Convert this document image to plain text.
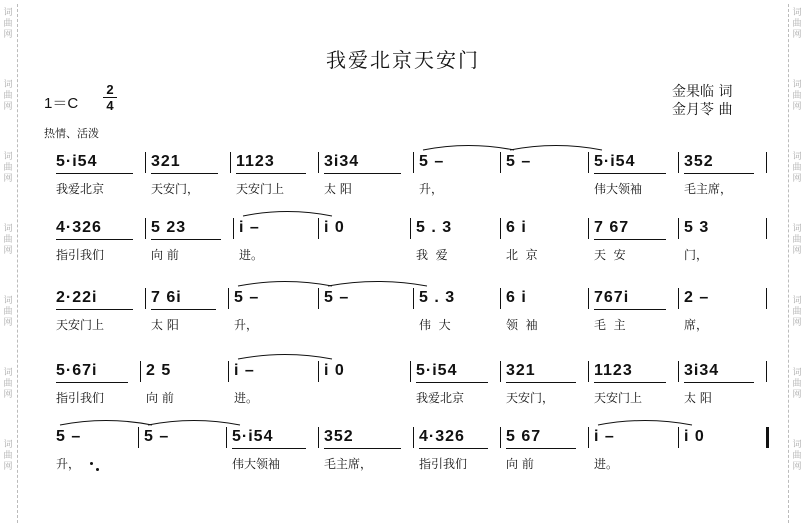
词
曲
网
词
曲
网
词
曲
网
词
曲
网
词
曲
网
词
曲
网
词
曲
网
词
曲
网
词
曲
网
词
曲
网
词
曲
网
词
曲
网
词
曲
网
词
曲
网
我爱北京天安门
1＝C
2
4
金果临 词
金月苓 曲
热情、活泼
5·i54
我爱北京
321
天安门，
1123
天安门上
3i34
太 阳
5 –
升，
5 –	5·i54
伟大领袖
352
毛主席，
4·326
指引我们
5 23
向 前
i –
进。
i 0	5 . 3
我  爱
6 i
北  京
7 67
天  安
5 3
门，
2·22i
天安门上
7 6i
太 阳
5 –
升，
5 –	5 . 3
伟  大
6 i
领  袖
767i
毛  主
2 –
席，
5·67i
指引我们
2 5
向 前
i –
进。
i 0	5·i54
我爱北京
321
天安门，
1123
天安门上
3i34
太 阳
5 –
升，
5 –	5·i54
伟大领袖
352
毛主席，
4·326
指引我们
5 67
向 前
i –
进。
i 0
